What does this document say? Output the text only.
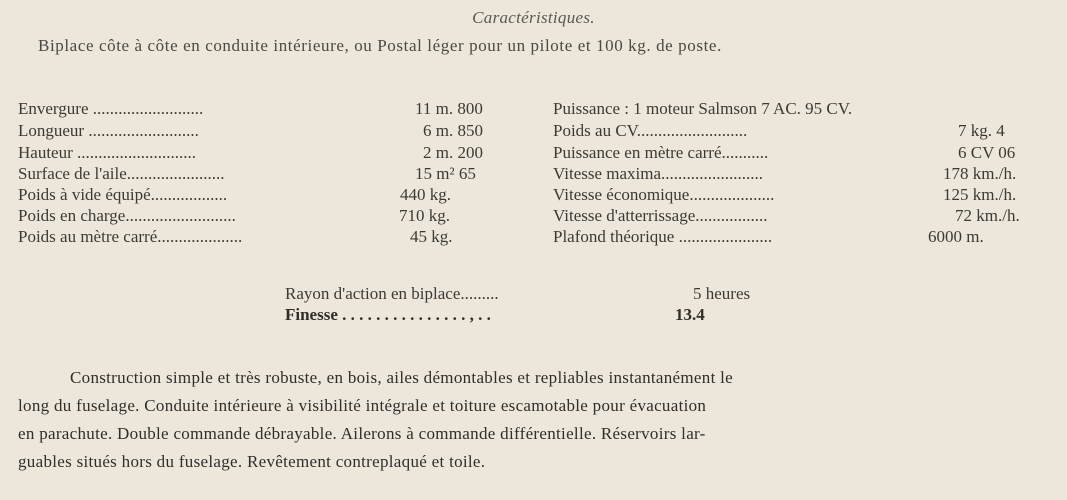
Caractéristiques.
Biplace côte à côte en conduite intérieure, ou Postal léger pour un pilote et 100 kg. de poste.
Envergure ..........................	11 m. 800
Longueur ..........................	6 m. 850
Hauteur ............................	2 m. 200
Surface de l'aile.......................	15 m² 65
Poids à vide équipé..................	440 kg.
Poids en charge..........................	710 kg.
Poids au mètre carré....................	45 kg.
Puissance : 1 moteur Salmson 7 AC. 95 CV.
Poids au CV..........................	7 kg. 4
Puissance en mètre carré...........	6 CV 06
Vitesse maxima........................	178 km./h.
Vitesse économique....................	125 km./h.
Vitesse d'atterrissage.................	72 km./h.
Plafond théorique ......................	6000 m.
Rayon d'action en biplace.........	5 heures
Finesse . . . . . . . . . . . . . . . , . .	13.4
Construction simple et très robuste, en bois, ailes démontables et repliables instantanément le
long du fuselage. Conduite intérieure à visibilité intégrale et toiture escamotable pour évacuation
en parachute. Double commande débrayable. Ailerons à commande différentielle. Réservoirs lar-
guables situés hors du fuselage. Revêtement contreplaqué et toile.
